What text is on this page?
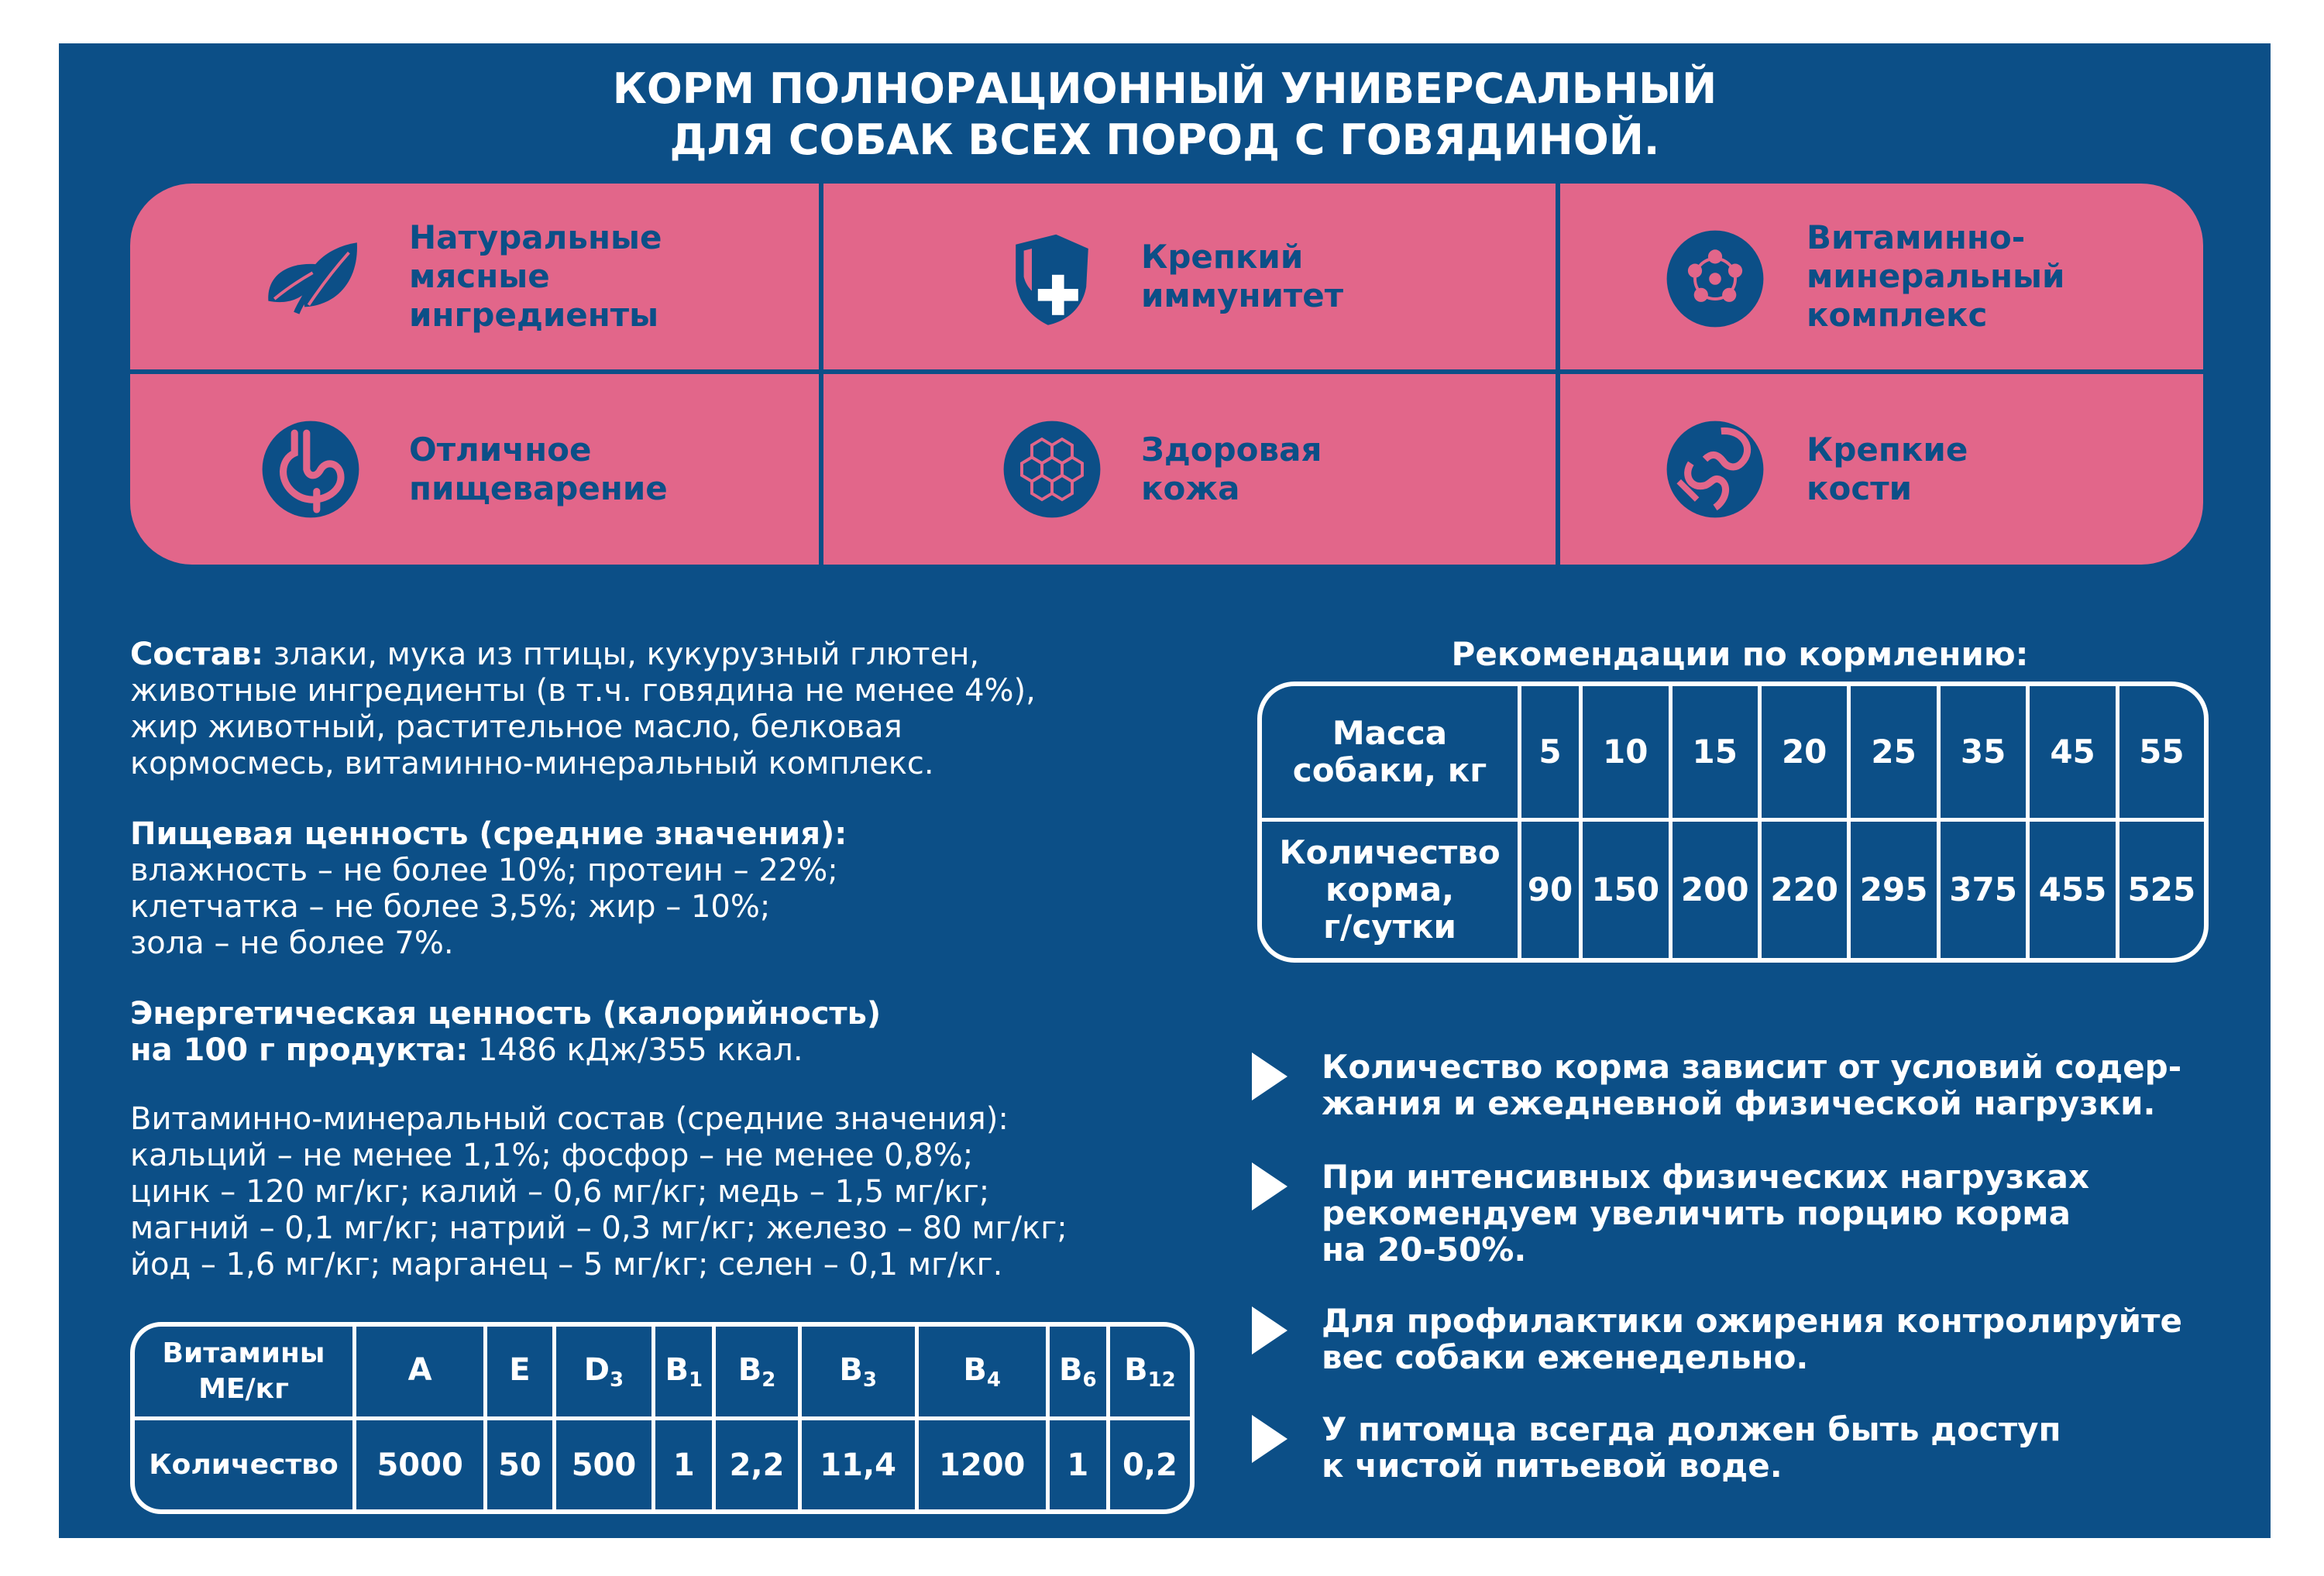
КОРМ ПОЛНОРАЦИОННЫЙ УНИВЕРСАЛЬНЫЙ
ДЛЯ СОБАК ВСЕХ ПОРОД С ГОВЯДИНОЙ.
Натуральные
мясные
ингредиенты
Крепкий
иммунитет
Витаминно-
минеральный
комплекс
Отличное
пищеварение
Здоровая
кожа
Крепкие
кости
Состав: злаки, мука из птицы, кукурузный глютен,
животные ингредиенты (в т.ч. говядина не менее 4%),
жир животный, растительное масло, белковая
кормосмесь, витаминно-минеральный комплекс.
Пищевая ценность (средние значения):
влажность – не более 10%; протеин – 22%;
клетчатка – не более 3,5%; жир – 10%;
зола – не более 7%.
Энергетическая ценность (калорийность)
на 100 г продукта: 1486 кДж/355 ккал.
Витаминно-минеральный состав (средние значения):
кальций – не менее 1,1%; фосфор – не менее 0,8%;
цинк – 120 мг/кг; калий – 0,6 мг/кг; медь – 1,5 мг/кг;
магний – 0,1 мг/кг; натрий – 0,3 мг/кг; железо – 80 мг/кг;
йод – 1,6 мг/кг; марганец – 5 мг/кг; селен – 0,1 мг/кг.
Рекомендации по кормлению:
Масса
собаки, кг	5	10	15	20	25	35	45	55

Количество
корма,
г/сутки	90	150	200	220	295	375	455	525
Витамины
МЕ/кг	A	E	$D_3$	$B_1$	$B_2$	$B_3$	$B_4$	$B_6$	$B_{12}$
Количество	5000	50	500	1	2,2	11,4	1200	1	0,2
Количество корма зависит от условий содер-
жания и ежедневной физической нагрузки.
При интенсивных физических нагрузках
рекомендуем увеличить порцию корма
на 20-50%.
Для профилактики ожирения контролируйте
вес собаки еженедельно.
У питомца всегда должен быть доступ
к чистой питьевой воде.
